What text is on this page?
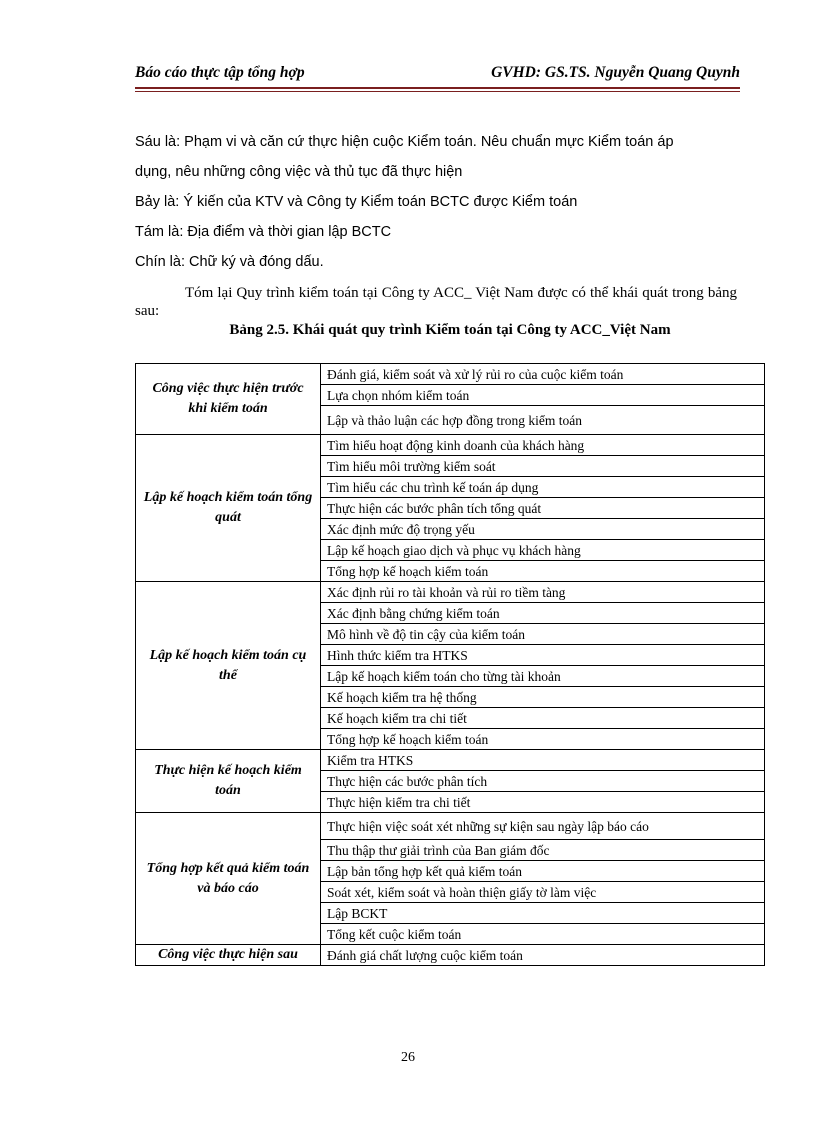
Báo cáo thực tập tổng hợp	GVHD: GS.TS. Nguyễn Quang Quynh
Sáu là: Phạm vi và căn cứ thực hiện cuộc Kiểm toán. Nêu chuẩn mực Kiểm toán áp
dụng, nêu những công việc và thủ tục đã thực hiện
Bảy là: Ý kiến của KTV và Công ty Kiểm toán BCTC được Kiểm toán
Tám là: Địa điểm và thời gian lập BCTC
Chín là: Chữ ký và đóng dấu.
Tóm lại Quy trình kiểm toán tại Công ty ACC_ Việt Nam được có thể khái quát trong bảng sau:
Bảng 2.5. Khái quát quy trình Kiểm toán tại Công ty ACC_Việt Nam
Công việc thực hiện trước khi kiểm toán	Đánh giá, kiểm soát và xử lý rủi ro của cuộc kiểm toán
	Lựa chọn nhóm kiểm toán
	Lập và thảo luận các hợp đồng trong kiểm toán
Lập kế hoạch kiểm toán tổng quát	Tìm hiểu hoạt động kinh doanh của khách hàng
	Tìm hiểu môi trường kiểm soát
	Tìm hiểu các chu trình kế toán áp dụng
	Thực hiện các bước phân tích tổng quát
	Xác định mức độ trọng yếu
	Lập kế hoạch giao dịch và phục vụ khách hàng
	Tổng hợp kế hoạch kiểm toán
Lập kế hoạch kiểm toán cụ thể	Xác định rủi ro tài khoản và rủi ro tiềm tàng
	Xác định bằng chứng kiểm toán
	Mô hình về độ tin cậy của kiểm toán
	Hình thức kiểm tra HTKS
	Lập kế hoạch kiểm toán cho từng tài khoản
	Kế hoạch kiểm tra hệ thống
	Kế hoạch kiểm tra chi tiết
	Tổng hợp kế hoạch kiểm toán
Thực hiện kế hoạch kiểm toán	Kiểm tra HTKS
	Thực hiện các bước phân tích
	Thực hiện kiểm tra chi tiết
Tổng hợp kết quả kiểm toán và báo cáo	Thực hiện việc soát xét những sự kiện sau ngày lập báo cáo
	Thu thập thư giải trình của Ban giám đốc
	Lập bản tổng hợp kết quả kiểm toán
	Soát xét, kiểm soát và hoàn thiện giấy tờ làm việc
	Lập BCKT
	Tổng kết cuộc kiểm toán
Công việc thực hiện sau	Đánh giá chất lượng cuộc kiểm toán
26
